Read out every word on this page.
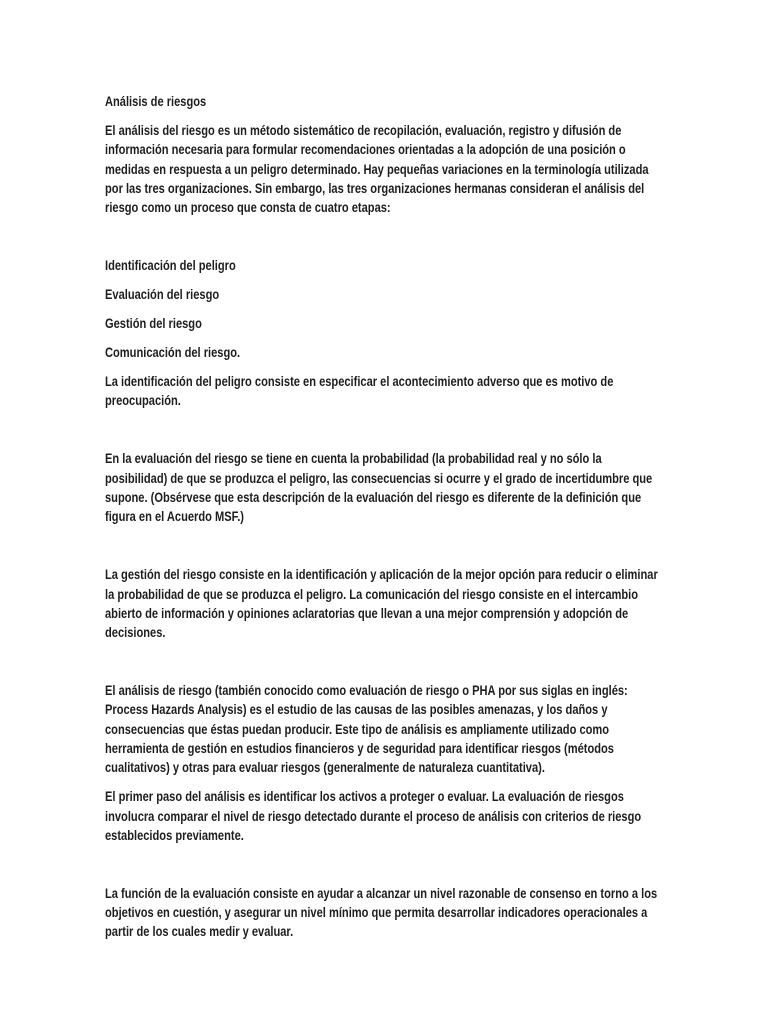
Análisis de riesgos

El análisis del riesgo es un método sistemático de recopilación, evaluación, registro y difusión de información necesaria para formular recomendaciones orientadas a la adopción de una posición o medidas en respuesta a un peligro determinado. Hay pequeñas variaciones en la terminología utilizada por las tres organizaciones. Sin embargo, las tres organizaciones hermanas consideran el análisis del riesgo como un proceso que consta de cuatro etapas:

Identificación del peligro

Evaluación del riesgo

Gestión del riesgo

Comunicación del riesgo.

La identificación del peligro consiste en especificar el acontecimiento adverso que es motivo de preocupación.

En la evaluación del riesgo se tiene en cuenta la probabilidad (la probabilidad real y no sólo la posibilidad) de que se produzca el peligro, las consecuencias si ocurre y el grado de incertidumbre que supone. (Obsérvese que esta descripción de la evaluación del riesgo es diferente de la definición que figura en el Acuerdo MSF.)

La gestión del riesgo consiste en la identificación y aplicación de la mejor opción para reducir o eliminar la probabilidad de que se produzca el peligro. La comunicación del riesgo consiste en el intercambio abierto de información y opiniones aclaratorias que llevan a una mejor comprensión y adopción de decisiones.

El análisis de riesgo (también conocido como evaluación de riesgo o PHA por sus siglas en inglés: Process Hazards Analysis) es el estudio de las causas de las posibles amenazas, y los daños y consecuencias que éstas puedan producir. Este tipo de análisis es ampliamente utilizado como herramienta de gestión en estudios financieros y de seguridad para identificar riesgos (métodos cualitativos) y otras para evaluar riesgos (generalmente de naturaleza cuantitativa).

El primer paso del análisis es identificar los activos a proteger o evaluar. La evaluación de riesgos involucra comparar el nivel de riesgo detectado durante el proceso de análisis con criterios de riesgo establecidos previamente.

La función de la evaluación consiste en ayudar a alcanzar un nivel razonable de consenso en torno a los objetivos en cuestión, y asegurar un nivel mínimo que permita desarrollar indicadores operacionales a partir de los cuales medir y evaluar.
